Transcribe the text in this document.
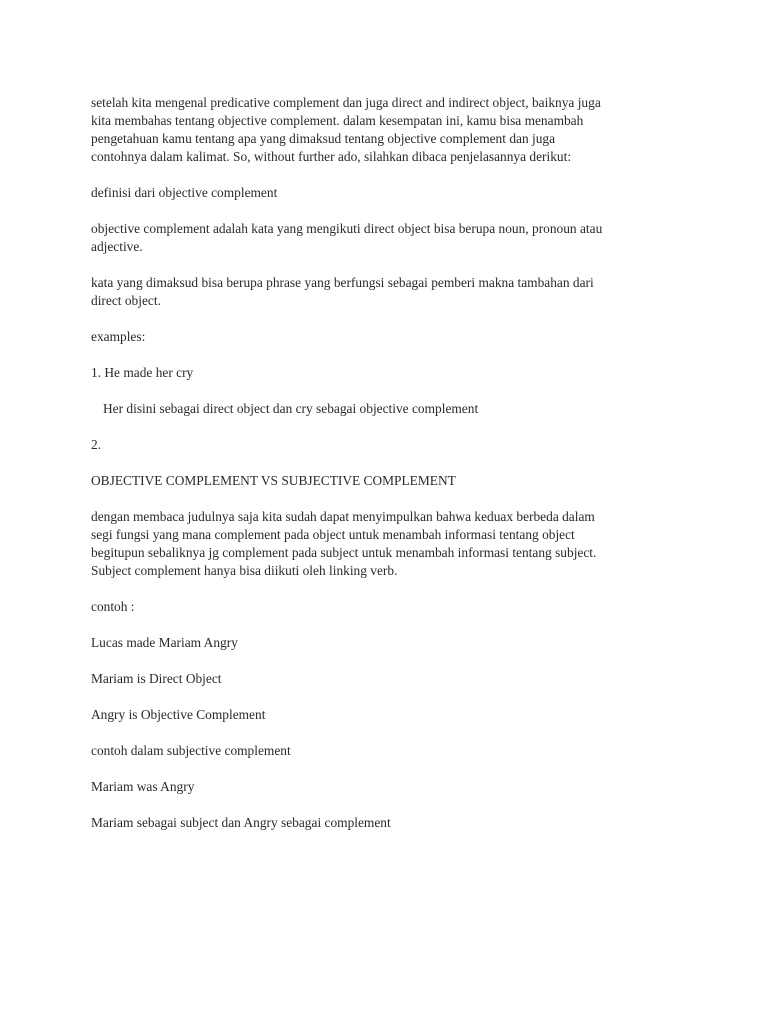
setelah kita mengenal predicative complement dan juga direct and indirect object, baiknya juga
kita membahas tentang objective complement. dalam kesempatan ini, kamu bisa menambah
pengetahuan kamu tentang apa yang dimaksud tentang objective complement dan juga
contohnya dalam kalimat. So, without further ado, silahkan dibaca penjelasannya derikut:
definisi dari objective complement
objective complement adalah kata yang mengikuti direct object bisa berupa noun, pronoun atau
adjective.
kata yang dimaksud bisa berupa phrase yang berfungsi sebagai pemberi makna tambahan dari
direct object.
examples:
1. He made her cry
Her disini sebagai direct object dan cry sebagai objective complement
2.
OBJECTIVE COMPLEMENT VS SUBJECTIVE COMPLEMENT
dengan membaca judulnya saja kita sudah dapat menyimpulkan bahwa keduax berbeda dalam
segi fungsi yang mana complement pada object untuk menambah informasi tentang object
begitupun sebaliknya jg complement pada subject untuk menambah informasi tentang subject.
Subject complement hanya bisa diikuti oleh linking verb.
contoh :
Lucas made Mariam Angry
Mariam is Direct Object
Angry is Objective Complement
contoh dalam subjective complement
Mariam was Angry
Mariam sebagai subject dan Angry sebagai complement
